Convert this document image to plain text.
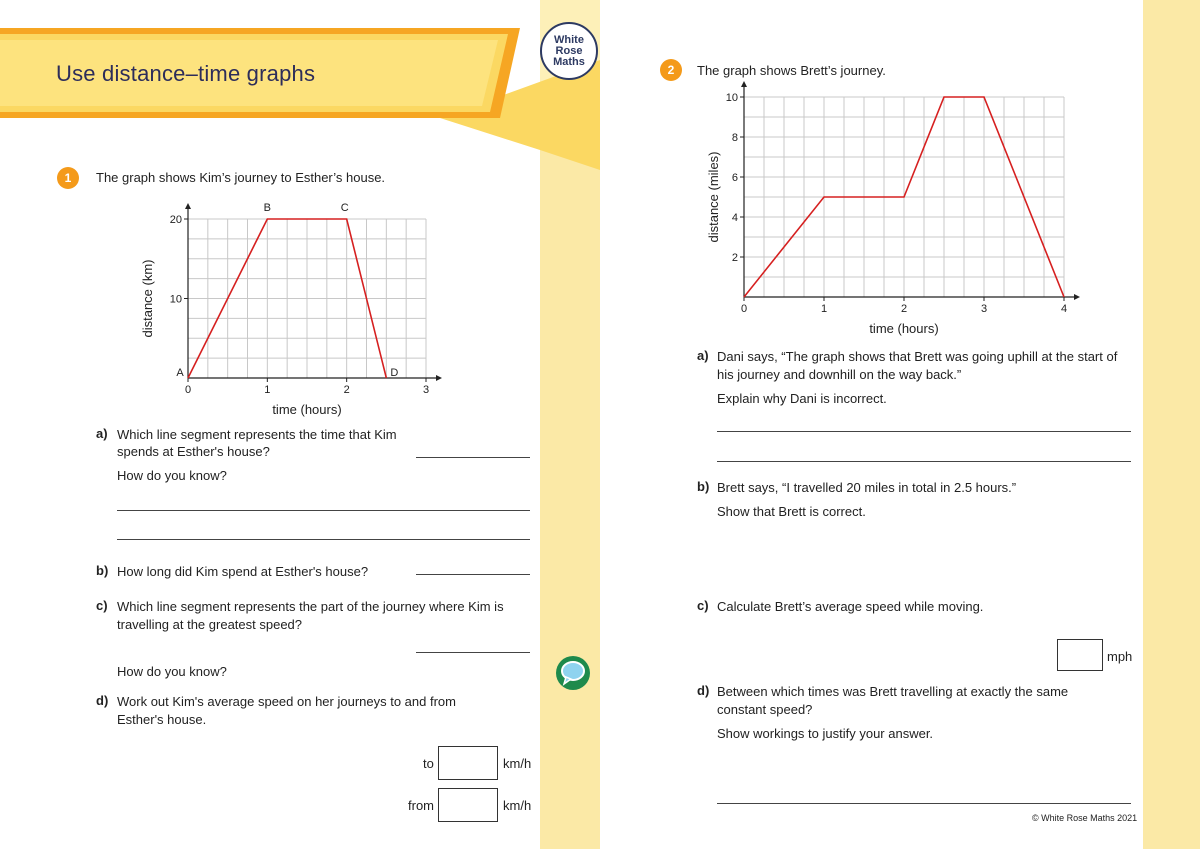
Use distance–time graphs
White
Rose
Maths
1	The graph shows Kim’s journey to Esther’s house.
0	1	2	3
10
20
time (hours)
distance (km)
A
B	C
D
a) Which line segment represents the time that Kim
spends at Esther's house?
How do you know?
b) How long did Kim spend at Esther's house?
c) Which line segment represents the part of the journey where Kim is
travelling at the greatest speed?
How do you know?
d) Work out Kim's average speed on her journeys to and from
Esther's house.
to	km/h
from	km/h
2	The graph shows Brett’s journey.
0	1	2	3	4
2
4
6
8
10
time (hours)
distance (miles)
a) Dani says, “The graph shows that Brett was going uphill at the start of
his journey and downhill on the way back.”
Explain why Dani is incorrect.
b) Brett says, “I travelled 20 miles in total in 2.5 hours.”
Show that Brett is correct.
c) Calculate Brett’s average speed while moving.
mph
d) Between which times was Brett travelling at exactly the same
constant speed?
Show workings to justify your answer.
© White Rose Maths 2021
